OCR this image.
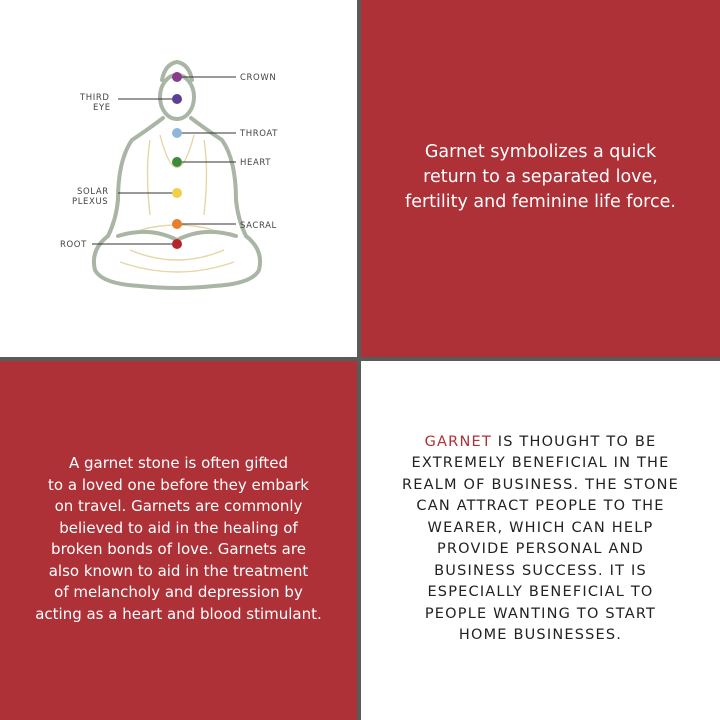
CROWN
THIRD
EYE
THROAT
HEART
SOLAR
PLEXUS
SACRAL
ROOT
Garnet symbolizes a quick
return to a separated love,
fertility and feminine life force.
A garnet stone is often gifted
to a loved one before they embark
on travel. Garnets are commonly
believed to aid in the healing of
broken bonds of love. Garnets are
also known to aid in the treatment
of melancholy and depression by
acting as a heart and blood stimulant.
GARNET IS THOUGHT TO BE
EXTREMELY BENEFICIAL IN THE
REALM OF BUSINESS. THE STONE
CAN ATTRACT PEOPLE TO THE
WEARER, WHICH CAN HELP
PROVIDE PERSONAL AND
BUSINESS SUCCESS. IT IS
ESPECIALLY BENEFICIAL TO
PEOPLE WANTING TO START
HOME BUSINESSES.
